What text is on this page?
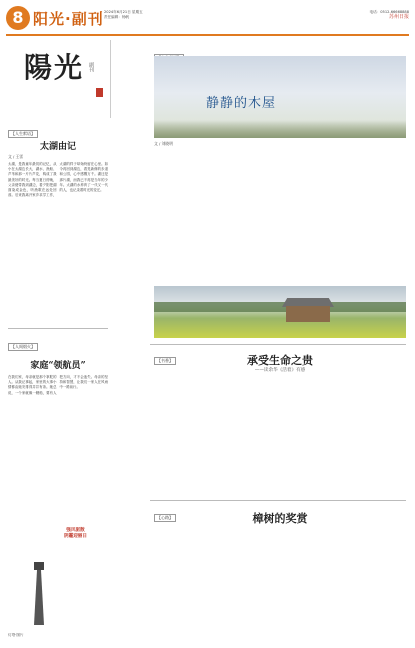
8 阳光·副刊 2024年6月21日 星期五
责任编辑：杨帆
电话：0512-66668888
苏州日报
陽光 副刊
【人生絮语】
太湖由记
文 / 王雷
太湖，是我童年最初的记忆，从小在太湖边长大，湖水、渔船、芦苇和那一片片芦花，构成了我最美好的时光。每当夏日傍晚，父亲便带我到湖边，看夕阳把湖面染成金色，听渔歌在远处回荡。后来我离开家乡求学工作，太湖的样子却始终留在心里。如今再回到湖边，看见新修的步道和公园，心中感慨万千。湖还是那片湖，而我已不再是当年的少年。太湖的水养育了一代又一代的人，也记录着时光的变迁。
静静的木屋
文 / 刘晓明
【人间烟火】
家庭“领航员”
在我们家，母亲就是那个掌舵的人。从我记事起，家里的大事小情都由她安排得井井有条。她总说，一个家就像一艘船，要有人把方向，才不会迷失。母亲的坚持和智慧，让我们一家人在风雨中一路前行。
强风驱散
阴霾迎丽日
灯塔·图片
【书香】	承受生命之贵
——读余华《活着》有感
【心路】	樟树的奖赏
